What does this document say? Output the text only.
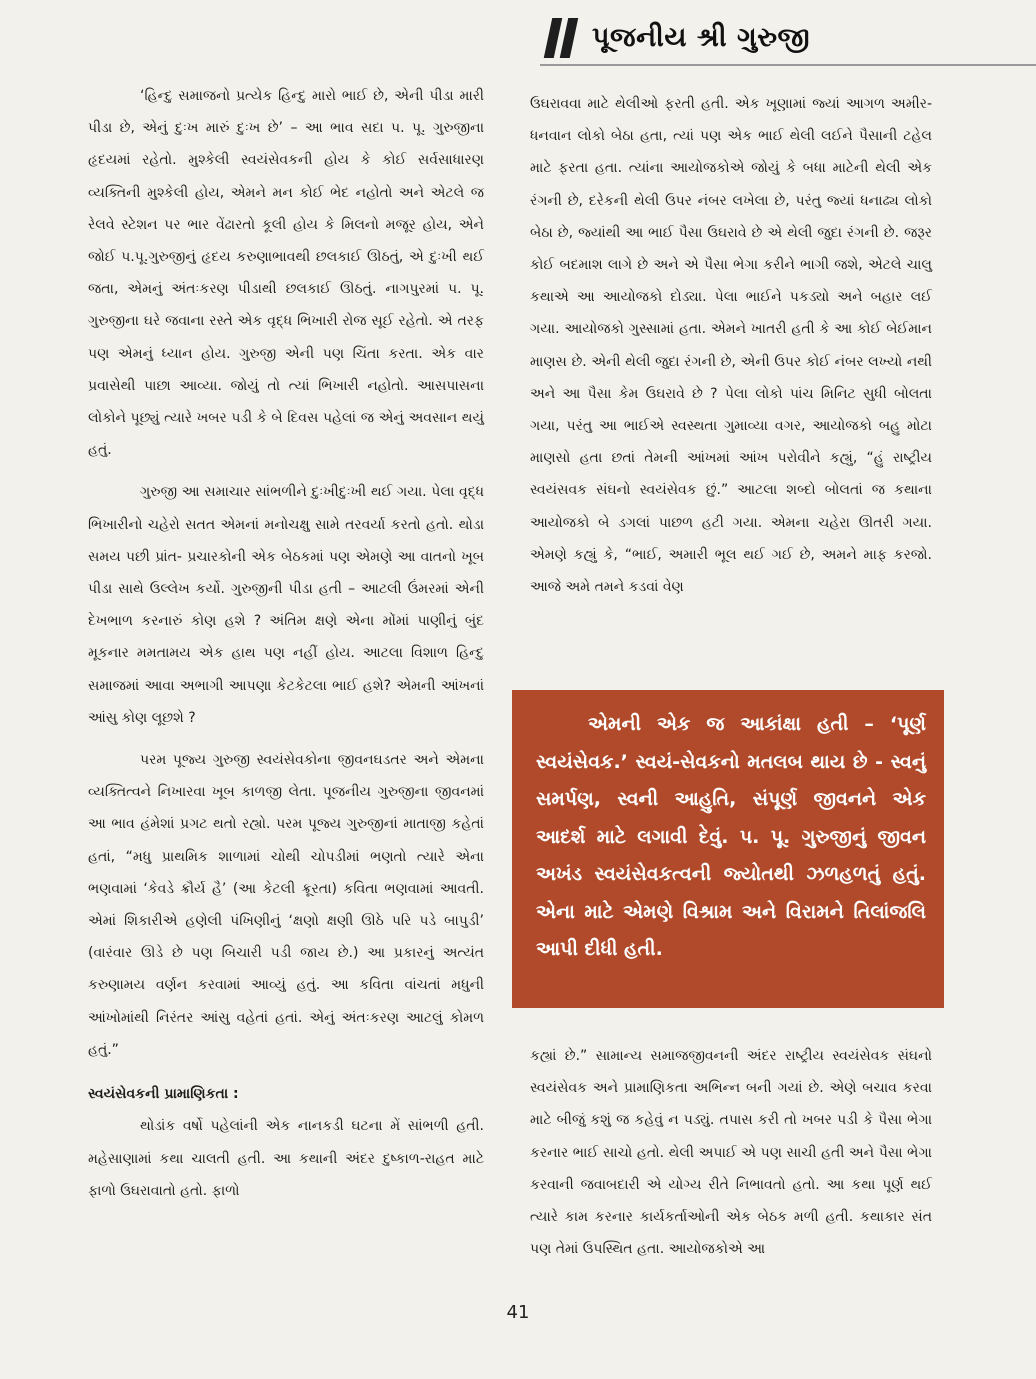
પૂજનીય શ્રી ગુરુજી

‘હિન્દુ સમાજનો પ્રત્યેક હિન્દુ મારો ભાઈ છે, એની પીડા મારી પીડા છે, એનું દુઃખ મારું દુઃખ છે’ – આ ભાવ સદા પ. પૂ. ગુરુજીના હૃદયમાં રહેતો. મુશ્કેલી સ્વયંસેવકની હોય કે કોઈ સર્વસાધારણ વ્યક્તિની મુશ્કેલી હોય, એમને મન કોઈ ભેદ નહોતો અને એટલે જ રેલવે સ્ટેશન પર ભાર વેંઢારતો કૂલી હોય કે મિલનો મજૂર હોય, એને જોઈ પ.પૂ.ગુરુજીનું હૃદય કરુણાભાવથી છલકાઈ ઊઠતું, એ દુઃખી થઈ જતા, એમનું અંતઃકરણ પીડાથી છલકાઈ ઊઠતું. નાગપુરમાં પ. પૂ. ગુરુજીના ઘરે જવાના રસ્તે એક વૃદ્ધ ભિખારી રોજ સૂઈ રહેતો. એ તરફ પણ એમનું ધ્યાન હોય. ગુરુજી એની પણ ચિંતા કરતા. એક વાર પ્રવાસેથી પાછા આવ્યા. જોયું તો ત્યાં ભિખારી નહોતો. આસપાસના લોકોને પૂછ્યું ત્યારે ખબર પડી કે બે દિવસ પહેલાં જ એનું અવસાન થયું હતું.

ગુરુજી આ સમાચાર સાંભળીને દુઃખીદુઃખી થઈ ગયા. પેલા વૃદ્ધ ભિખારીનો ચહેરો સતત એમનાં મનોચક્ષુ સામે તરવર્યા કરતો હતો. થોડા સમય પછી પ્રાંત- પ્રચારકોની એક બેઠકમાં પણ એમણે આ વાતનો ખૂબ પીડા સાથે ઉલ્લેખ કર્યો. ગુરુજીની પીડા હતી – આટલી ઉંમરમાં એની દેખભાળ કરનારું કોણ હશે ? અંતિમ ક્ષણે એના મોંમાં પાણીનું બુંદ મૂકનાર મમતામય એક હાથ પણ નહીં હોય. આટલા વિશાળ હિન્દુ સમાજમાં આવા અભાગી આપણા કેટકેટલા ભાઈ હશે? એમની આંખનાં આંસુ કોણ લૂછશે ?

પરમ પૂજ્ય ગુરુજી સ્વયંસેવકોના જીવનઘડતર અને એમના વ્યક્તિત્વને નિખારવા ખૂબ કાળજી લેતા. પૂજનીય ગુરુજીના જીવનમાં આ ભાવ હંમેશાં પ્રગટ થતો રહ્યો. પરમ પૂજ્ય ગુરુજીનાં માતાજી કહેતાં હતાં, “મધુ પ્રાથમિક શાળામાં ચોથી ચોપડીમાં ભણતો ત્યારે એના ભણવામાં ‘કેવડે ક્રૌર્ય હૈ’ (આ કેટલી ક્રૂરતા) કવિતા ભણવામાં આવતી. એમાં શિકારીએ હણેલી પંખિણીનું ‘ક્ષણો ક્ષણી ઊઠે પરિ પડે બાપુડી’ (વારંવાર ઊડે છે પણ બિચારી પડી જાય છે.) આ પ્રકારનું અત્યંત કરુણામય વર્ણન કરવામાં આવ્યું હતું. આ કવિતા વાંચતાં મધુની આંખોમાંથી નિરંતર આંસુ વહેતાં હતાં. એનું અંતઃકરણ આટલું કોમળ હતું.”

સ્વયંસેવકની પ્રામાણિકતા :

થોડાંક વર્ષો પહેલાંની એક નાનકડી ઘટના મેં સાંભળી હતી. મહેસાણામાં કથા ચાલતી હતી. આ કથાની અંદર દુષ્કાળ-રાહત માટે ફાળો ઉઘરાવાતો હતો. ફાળો

ઉઘરાવવા માટે થેલીઓ ફરતી હતી. એક ખૂણામાં જ્યાં આગળ અમીર-ધનવાન લોકો બેઠા હતા, ત્યાં પણ એક ભાઈ થેલી લઈને પૈસાની ટહેલ માટે ફરતા હતા. ત્યાંના આયોજકોએ જોયું કે બધા માટેની થેલી એક રંગની છે, દરેકની થેલી ઉપર નંબર લખેલા છે, પરંતુ જ્યાં ધનાઢ્ય લોકો બેઠા છે, જ્યાંથી આ ભાઈ પૈસા ઉઘરાવે છે એ થેલી જુદા રંગની છે. જરૂર કોઈ બદમાશ લાગે છે અને એ પૈસા ભેગા કરીને ભાગી જશે, એટલે ચાલુ કથાએ આ આયોજકો દોડ્યા. પેલા ભાઈને પકડ્યો અને બહાર લઈ ગયા. આયોજકો ગુસ્સામાં હતા. એમને ખાતરી હતી કે આ કોઈ બેઈમાન માણસ છે. એની થેલી જુદા રંગની છે, એની ઉપર કોઈ નંબર લખ્યો નથી અને આ પૈસા કેમ ઉઘરાવે છે ? પેલા લોકો પાંચ મિનિટ સુધી બોલતા ગયા, પરંતુ આ ભાઈએ સ્વસ્થતા ગુમાવ્યા વગર, આયોજકો બહુ મોટા માણસો હતા છતાં તેમની આંખમાં આંખ પરોવીને કહ્યું, “હું રાષ્ટ્રીય સ્વયંસવક સંઘનો સ્વયંસેવક છું.” આટલા શબ્દો બોલતાં જ કથાના આયોજકો બે ડગલાં પાછળ હટી ગયા. એમના ચહેરા ઊતરી ગયા. એમણે કહ્યું કે, “ભાઈ, અમારી ભૂલ થઈ ગઈ છે, અમને માફ કરજો. આજે અમે તમને કડવાં વેણ

એમની એક જ આકાંક્ષા હતી – ‘પૂર્ણ સ્વયંસેવક.’ સ્વયં-સેવકનો મતલબ થાય છે - સ્વનું સમર્પણ, સ્વની આહુતિ, સંપૂર્ણ જીવનને એક આદર્શ માટે લગાવી દેવું. પ. પૂ. ગુરુજીનું જીવન અખંડ સ્વયંસેવકત્વની જ્યોતથી ઝળહળતું હતું. એના માટે એમણે વિશ્રામ અને વિરામને તિલાંજલિ આપી દીધી હતી.

કહ્યાં છે.” સામાન્ય સમાજજીવનની અંદર રાષ્ટ્રીય સ્વયંસેવક સંઘનો સ્વયંસેવક અને પ્રામાણિકતા અભિન્ન બની ગયાં છે. એણે બચાવ કરવા માટે બીજું કશું જ કહેવું ન પડ્યું. તપાસ કરી તો ખબર પડી કે પૈસા ભેગા કરનાર ભાઈ સાચો હતો. થેલી અપાઈ એ પણ સાચી હતી અને પૈસા ભેગા કરવાની જવાબદારી એ યોગ્ય રીતે નિભાવતો હતો. આ કથા પૂર્ણ થઈ ત્યારે કામ કરનાર કાર્યકર્તાઓની એક બેઠક મળી હતી. કથાકાર સંત પણ તેમાં ઉપસ્થિત હતા. આયોજકોએ આ

41
